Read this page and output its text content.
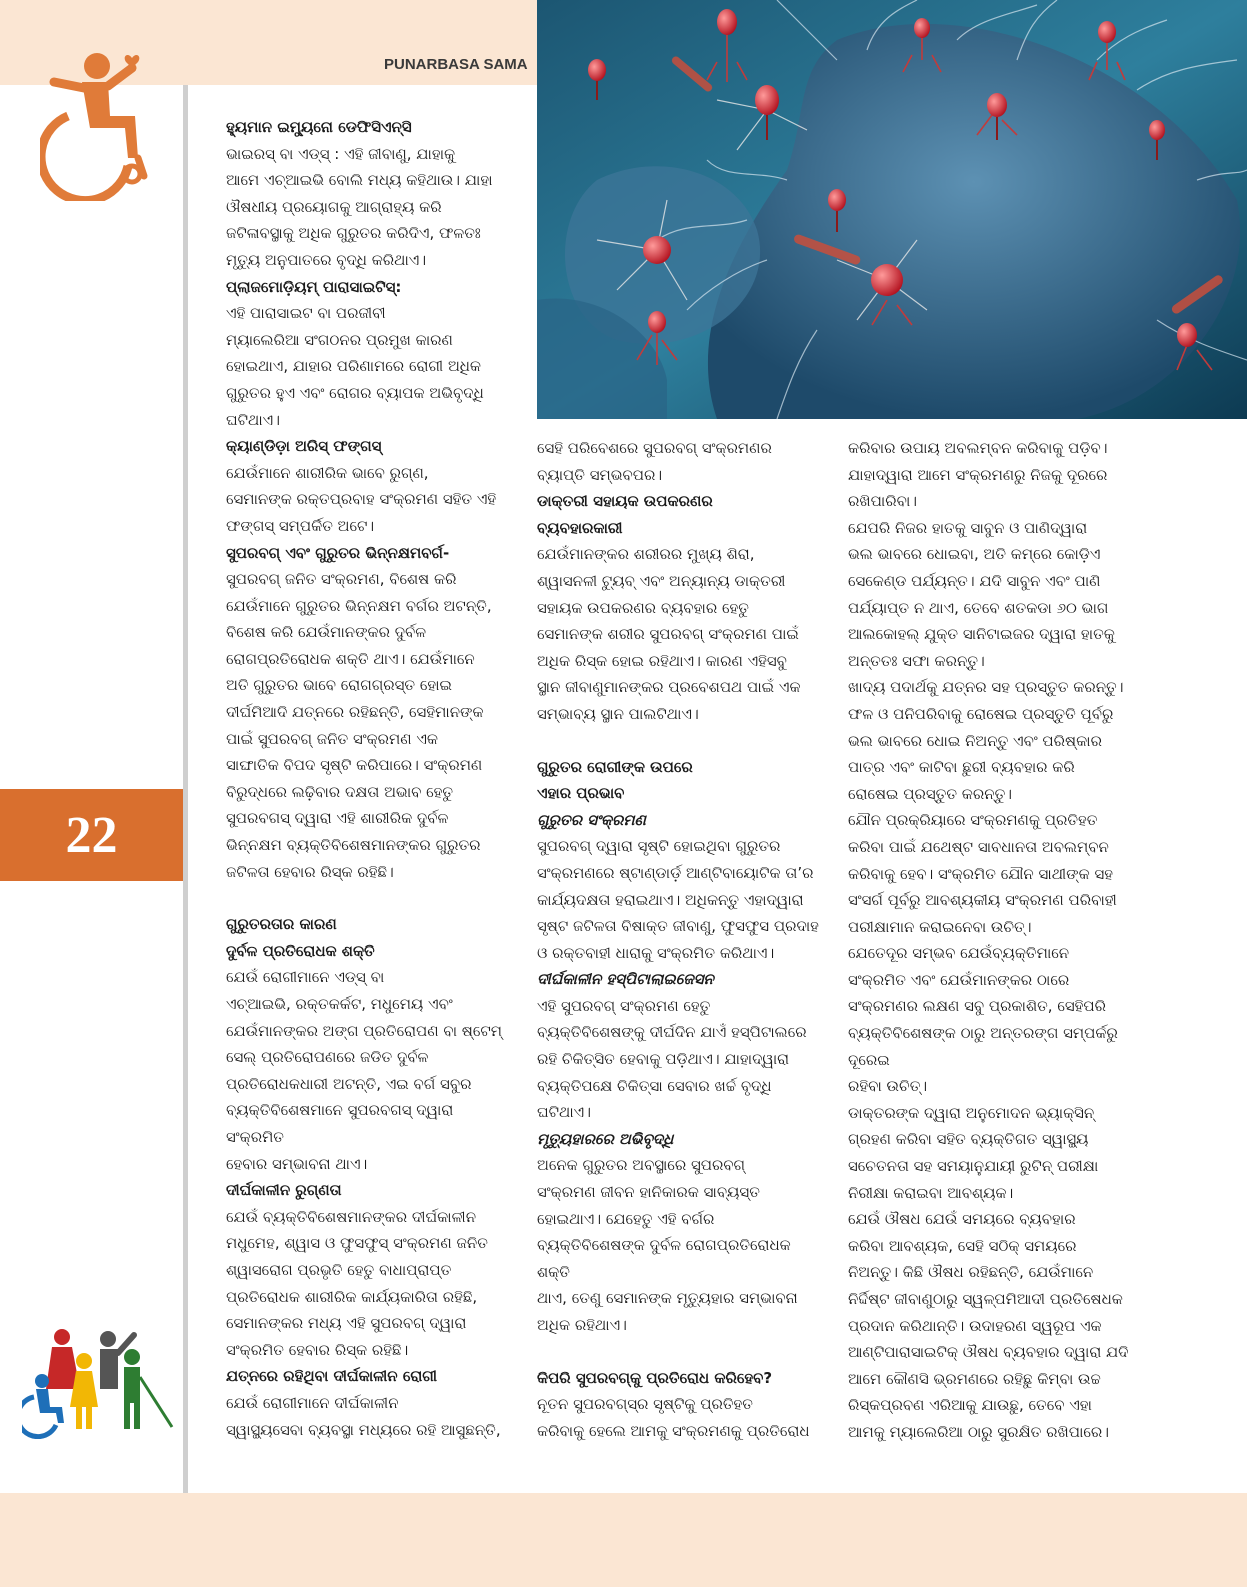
PUNARBASA SAMA
22

ହ୍ୟୁମାନ ଇମ୍ୟୁନୋ ଡେଫିସିଏନ୍ସି

ଭାଇରସ୍ ବା ଏଡ୍ସ୍ : ଏହି ଜୀବାଣୁ, ଯାହାକୁ

ଆମେ ଏଚ୍ଆଇଭି ବୋଲି ମଧ୍ୟ କହିଥାଉ। ଯାହା

ଔଷଧୀୟ ପ୍ରୟୋଗକୁ ଆଗ୍ରାହ୍ୟ କରି

ଜଟିଳାବସ୍ଥାକୁ ଅଧିକ ଗୁରୁତର କରିଦିଏ, ଫଳତଃ

ମୃତ୍ୟୁ ଅନୁପାତରେ ବୃଦ୍ଧି କରିଥାଏ।

ପ୍ଲାଜମୋଡ଼ିୟମ୍ ପାରାସାଇଟିସ୍:

ଏହି ପାରାସାଇଟ ବା ପରଜୀବୀ

ମ୍ୟାଲେରିଆ ସଂଗଠନର ପ୍ରମୁଖ କାରଣ

ହୋଇଥାଏ, ଯାହାର ପରିଣାମରେ ରୋଗୀ ଅଧିକ

ଗୁରୁତର ହୁଏ ଏବଂ ରୋଗର ବ୍ୟାପକ ଅଭିବୃଦ୍ଧି

ଘଟିଥାଏ।

କ୍ୟାଣ୍ଡିଡ଼ା ଅରିସ୍ ଫଙ୍ଗସ୍

ଯେଉଁମାନେ ଶାରୀରିକ ଭାବେ ରୁଗ୍ଣ,

ସେମାନଙ୍କ ରକ୍ତପ୍ରବାହ ସଂକ୍ରମଣ ସହିତ ଏହି

ଫଙ୍ଗସ୍ ସମ୍ପର୍କିତ ଅଟେ।

ସୁପରବଗ୍ ଏବଂ ଗୁରୁତର ଭିନ୍ନକ୍ଷମବର୍ଗ-

ସୁପରବଗ୍ ଜନିତ ସଂକ୍ରମଣ, ବିଶେଷ କରି

ଯେଉଁମାନେ ଗୁରୁତର ଭିନ୍ନକ୍ଷମ ବର୍ଗର ଅଟନ୍ତି,

ବିଶେଷ କରି ଯେଉଁମାନଙ୍କର ଦୁର୍ବଳ

ରୋଗପ୍ରତିରୋଧକ ଶକ୍ତି ଥାଏ। ଯେଉଁମାନେ

ଅତି ଗୁରୁତର ଭାବେ ରୋଗଗ୍ରସ୍ତ ହୋଇ

ଦୀର୍ଘମିଆଦି ଯତ୍ନରେ ରହିଛନ୍ତି, ସେହିମାନଙ୍କ

ପାଇଁ ସୁପରବଗ୍ ଜନିତ ସଂକ୍ରମଣ ଏକ

ସାଙ୍ଘାତିକ ବିପଦ ସୃଷ୍ଟି କରିପାରେ। ସଂକ୍ରମଣ

ବିରୁଦ୍ଧରେ ଲଢ଼ିବାର ଦକ୍ଷତା ଅଭାବ ହେତୁ

ସୁପରବଗସ୍ ଦ୍ୱାରା ଏହି ଶାରୀରିକ ଦୁର୍ବଳ

ଭିନ୍ନକ୍ଷମ ବ୍ୟକ୍ତିବିଶେଷମାନଙ୍କର ଗୁରୁତର

ଜଟିଳତା ହେବାର ରିସ୍କ ରହିଛି।

ଗୁରୁତରତାର କାରଣ

ଦୁର୍ବଳ ପ୍ରତିରୋଧକ ଶକ୍ତି

ଯେଉଁ ରୋଗୀମାନେ ଏଡ୍ସ୍ ବା

ଏଚ୍ଆଇଭି, ରକ୍ତକର୍କଟ, ମଧୁମେୟ ଏବଂ

ଯେଉଁମାନଙ୍କର ଅଙ୍ଗ ପ୍ରତିରୋପଣ ବା ଷ୍ଟେମ୍

ସେଲ୍ ପ୍ରତିରୋପଣରେ ଜଡିତ ଦୁର୍ବଳ

ପ୍ରତିରୋଧକଧାରୀ ଅଟନ୍ତି, ଏଇ ବର୍ଗ ସବୁର

ବ୍ୟକ୍ତିବିଶେଷମାନେ ସୁପରବଗସ୍ ଦ୍ୱାରା ସଂକ୍ରମିତ

ହେବାର ସମ୍ଭାବନା ଥାଏ।

ଦୀର୍ଘକାଳୀନ ରୁଗ୍ଣତା

ଯେଉଁ ବ୍ୟକ୍ତିବିଶେଷମାନଙ୍କର ଦୀର୍ଘକାଳୀନ

ମଧୁମେହ, ଶ୍ୱାସ ଓ ଫୁସଫୁସ୍ ସଂକ୍ରମଣ ଜନିତ

ଶ୍ୱାସରୋଗ ପ୍ରଭୃତି ହେତୁ ବାଧାପ୍ରାପ୍ତ

ପ୍ରତିରୋଧକ ଶାରୀରିକ କାର୍ଯ୍ୟକାରିତା ରହିଛି,

ସେମାନଙ୍କର ମଧ୍ୟ ଏହି ସୁପରବଗ୍ ଦ୍ୱାରା

ସଂକ୍ରମିତ ହେବାର ରିସ୍କ ରହିଛି।

ଯତ୍ନରେ ରହିଥିବା ଦୀର୍ଘକାଳୀନ ରୋଗୀ

ଯେଉଁ ରୋଗୀମାନେ ଦୀର୍ଘକାଳୀନ

ସ୍ୱାସ୍ଥ୍ୟସେବା ବ୍ୟବସ୍ଥା ମଧ୍ୟରେ ରହି ଆସୁଛନ୍ତି,

ସେହି ପରିବେଶରେ ସୁପରବଗ୍ ସଂକ୍ରମଣର

ବ୍ୟାପ୍ତି ସମ୍ଭବପର।

ଡାକ୍ତରୀ ସହାୟକ ଉପକରଣର

ବ୍ୟବହାରକାରୀ

ଯେଉଁମାନଙ୍କର ଶରୀରର ମୁଖ୍ୟ ଶିରା,

ଶ୍ୱାସନଳୀ ଟ୍ୟୁବ୍ ଏବଂ ଅନ୍ୟାନ୍ୟ ଡାକ୍ତରୀ

ସହାୟକ ଉପକରଣର ବ୍ୟବହାର ହେତୁ

ସେମାନଙ୍କ ଶରୀର ସୁପରବଗ୍ ସଂକ୍ରମଣ ପାଇଁ

ଅଧିକ ରିସ୍କ ହୋଇ ରହିଥାଏ। କାରଣ ଏହିସବୁ

ସ୍ଥାନ ଜୀବାଣୁମାନଙ୍କର ପ୍ରବେଶପଥ ପାଇଁ ଏକ

ସମ୍ଭାବ୍ୟ ସ୍ଥାନ ପାଲଟିଥାଏ।

ଗୁରୁତର ରୋଗୀଙ୍କ ଉପରେ

ଏହାର ପ୍ରଭାବ

ଗୁରୁତର ସଂକ୍ରମଣ

ସୁପରବଗ୍ ଦ୍ୱାରା ସୃଷ୍ଟି ହୋଇଥିବା ଗୁରୁତର

ସଂକ୍ରମଣରେ ଷ୍ଟାଣ୍ଡାର୍ଡ଼ ଆଣ୍ଟିବାୟୋଟିକ ତା’ର

କାର୍ଯ୍ୟଦକ୍ଷତା ହରାଇଥାଏ। ଅଧିକନ୍ତୁ ଏହାଦ୍ୱାରା

ସୃଷ୍ଟ ଜଟିଳତା ବିଷାକ୍ତ ଜୀବାଣୁ, ଫୁସଫୁସ ପ୍ରଦାହ

ଓ ରକ୍ତବାହୀ ଧାରାକୁ ସଂକ୍ରମିତ କରିଥାଏ।

ଦୀର୍ଘକାଳୀନ ହସ୍ପିଟାଲାଇଜେସନ

ଏହି ସୁପରବଗ୍ ସଂକ୍ରମଣ ହେତୁ

ବ୍ୟକ୍ତିବିଶେଷଙ୍କୁ ଦୀର୍ଘଦିନ ଯାଏଁ ହସ୍ପିଟାଲରେ

ରହି ଚିକିତ୍ସିତ ହେବାକୁ ପଡ଼ିଥାଏ। ଯାହାଦ୍ୱାରା

ବ୍ୟକ୍ତିପକ୍ଷେ ଚିକିତ୍ସା ସେବାର ଖର୍ଚ୍ଚ ବୃଦ୍ଧି

ଘଟିଥାଏ।

ମୃତ୍ୟୁହାରରେ ଅଭିବୃଦ୍ଧି

ଅନେକ ଗୁରୁତର ଅବସ୍ଥାରେ ସୁପରବଗ୍

ସଂକ୍ରମଣ ଜୀବନ ହାନିକାରକ ସାବ୍ୟସ୍ତ

ହୋଇଥାଏ। ଯେହେତୁ ଏହି ବର୍ଗର

ବ୍ୟକ୍ତିବିଶେଷଙ୍କ ଦୁର୍ବଳ ରୋଗପ୍ରତିରୋଧକ ଶକ୍ତି

ଥାଏ, ତେଣୁ ସେମାନଙ୍କ ମୃତ୍ୟୁହାର ସମ୍ଭାବନା

ଅଧିକ ରହିଥାଏ।

କିପରି ସୁପରବଗ୍‌କୁ ପ୍ରତିରୋଧ କରିହେବ?

ନୂତନ ସୁପରବଗ୍‌ସ୍‌ର ସୃଷ୍ଟିକୁ ପ୍ରତିହତ

କରିବାକୁ ହେଲେ ଆମକୁ ସଂକ୍ରମଣକୁ ପ୍ରତିରୋଧ

କରିବାର ଉପାୟ ଅବଲମ୍ବନ କରିବାକୁ ପଡ଼ିବ।

ଯାହାଦ୍ୱାରା ଆମେ ସଂକ୍ରମଣରୁ ନିଜକୁ ଦୂରରେ

ରଖିପାରିବା।

ଯେପରି ନିଜର ହାତକୁ ସାବୁନ ଓ ପାଣିଦ୍ୱାରା

ଭଲ ଭାବରେ ଧୋଇବା, ଅତି କମ୍‌ରେ କୋଡ଼ିଏ

ସେକେଣ୍ଡ ପର୍ଯ୍ୟନ୍ତ। ଯଦି ସାବୁନ ଏବଂ ପାଣି

ପର୍ଯ୍ୟାପ୍ତ ନ ଥାଏ, ତେବେ ଶତକଡା ୬୦ ଭାଗ

ଆଲକୋହଲ୍ ଯୁକ୍ତ ସାନିଟାଇଜର ଦ୍ୱାରା ହାତକୁ

ଅନ୍ତତଃ ସଫା କରନ୍ତୁ।

ଖାଦ୍ୟ ପଦାର୍ଥକୁ ଯତ୍ନର ସହ ପ୍ରସ୍ତୁତ କରନ୍ତୁ।

ଫଳ ଓ ପନିପରିବାକୁ ରୋଷେଇ ପ୍ରସ୍ତୁତି ପୂର୍ବରୁ

ଭଲ ଭାବରେ ଧୋଇ ନିଅନ୍ତୁ ଏବଂ ପରିଷ୍କାର

ପାତ୍ର ଏବଂ କାଟିବା ଛୁରୀ ବ୍ୟବହାର କରି

ରୋଷେଇ ପ୍ରସ୍ତୁତ କରନ୍ତୁ।

ଯୌନ ପ୍ରକ୍ରିୟାରେ ସଂକ୍ରମଣକୁ ପ୍ରତିହତ

କରିବା ପାଇଁ ଯଥେଷ୍ଟ ସାବଧାନତା ଅବଲମ୍ବନ

କରିବାକୁ ହେବ। ସଂକ୍ରମିତ ଯୌନ ସାଥୀଙ୍କ ସହ

ସଂସର୍ଗ ପୂର୍ବରୁ ଆବଶ୍ୟକୀୟ ସଂକ୍ରମଣ ପରିବାହୀ

ପରୀକ୍ଷାମାନ କରାଇନେବା ଉଚିତ୍।

ଯେତେଦୂର ସମ୍ଭବ ଯେଉଁବ୍ୟକ୍ତିମାନେ

ସଂକ୍ରମିତ ଏବଂ ଯେଉଁମାନଙ୍କର ଠାରେ

ସଂକ୍ରମଣର ଲକ୍ଷଣ ସବୁ ପ୍ରକାଶିତ, ସେହିପରି

ବ୍ୟକ୍ତିବିଶେଷଙ୍କ ଠାରୁ ଅନ୍ତରଙ୍ଗ ସମ୍ପର୍କରୁ ଦୂରେଇ

ରହିବା ଉଚିତ୍।

ଡାକ୍ତରଙ୍କ ଦ୍ୱାରା ଅନୁମୋଦନ ଭ୍ୟାକ୍ସିନ୍

ଗ୍ରହଣ କରିବା ସହିତ ବ୍ୟକ୍ତିଗତ ସ୍ୱାସ୍ଥ୍ୟ

ସଚେତନତା ସହ ସମୟାନୁଯାୟୀ ରୁଟିନ୍ ପରୀକ୍ଷା

ନିରୀକ୍ଷା କରାଇବା ଆବଶ୍ୟକ।

ଯେଉଁ ଔଷଧ ଯେଉଁ ସମୟରେ ବ୍ୟବହାର

କରିବା ଆବଶ୍ୟକ, ସେହି ସଠିକ୍ ସମୟରେ

ନିଅନ୍ତୁ। କିଛି ଔଷଧ ରହିଛନ୍ତି, ଯେଉଁମାନେ

ନିର୍ଦ୍ଦିଷ୍ଟ ଜୀବାଣୁଠାରୁ ସ୍ୱଳ୍ପମିଆଦୀ ପ୍ରତିଷେଧକ

ପ୍ରଦାନ କରିଥାନ୍ତି। ଉଦାହରଣ ସ୍ୱରୂପ ଏକ

ଆଣ୍ଟିପାରାସାଇଟିକ୍ ଔଷଧ ବ୍ୟବହାର ଦ୍ୱାରା ଯଦି

ଆମେ କୌଣସି ଭ୍ରମଣରେ ରହିଛୁ କିମ୍ବା ଉଚ୍ଚ

ରିସ୍କପ୍ରବଣ ଏରିଆକୁ ଯାଉଛୁ, ତେବେ ଏହା

ଆମକୁ ମ୍ୟାଲେରିଆ ଠାରୁ ସୁରକ୍ଷିତ ରଖିପାରେ।
